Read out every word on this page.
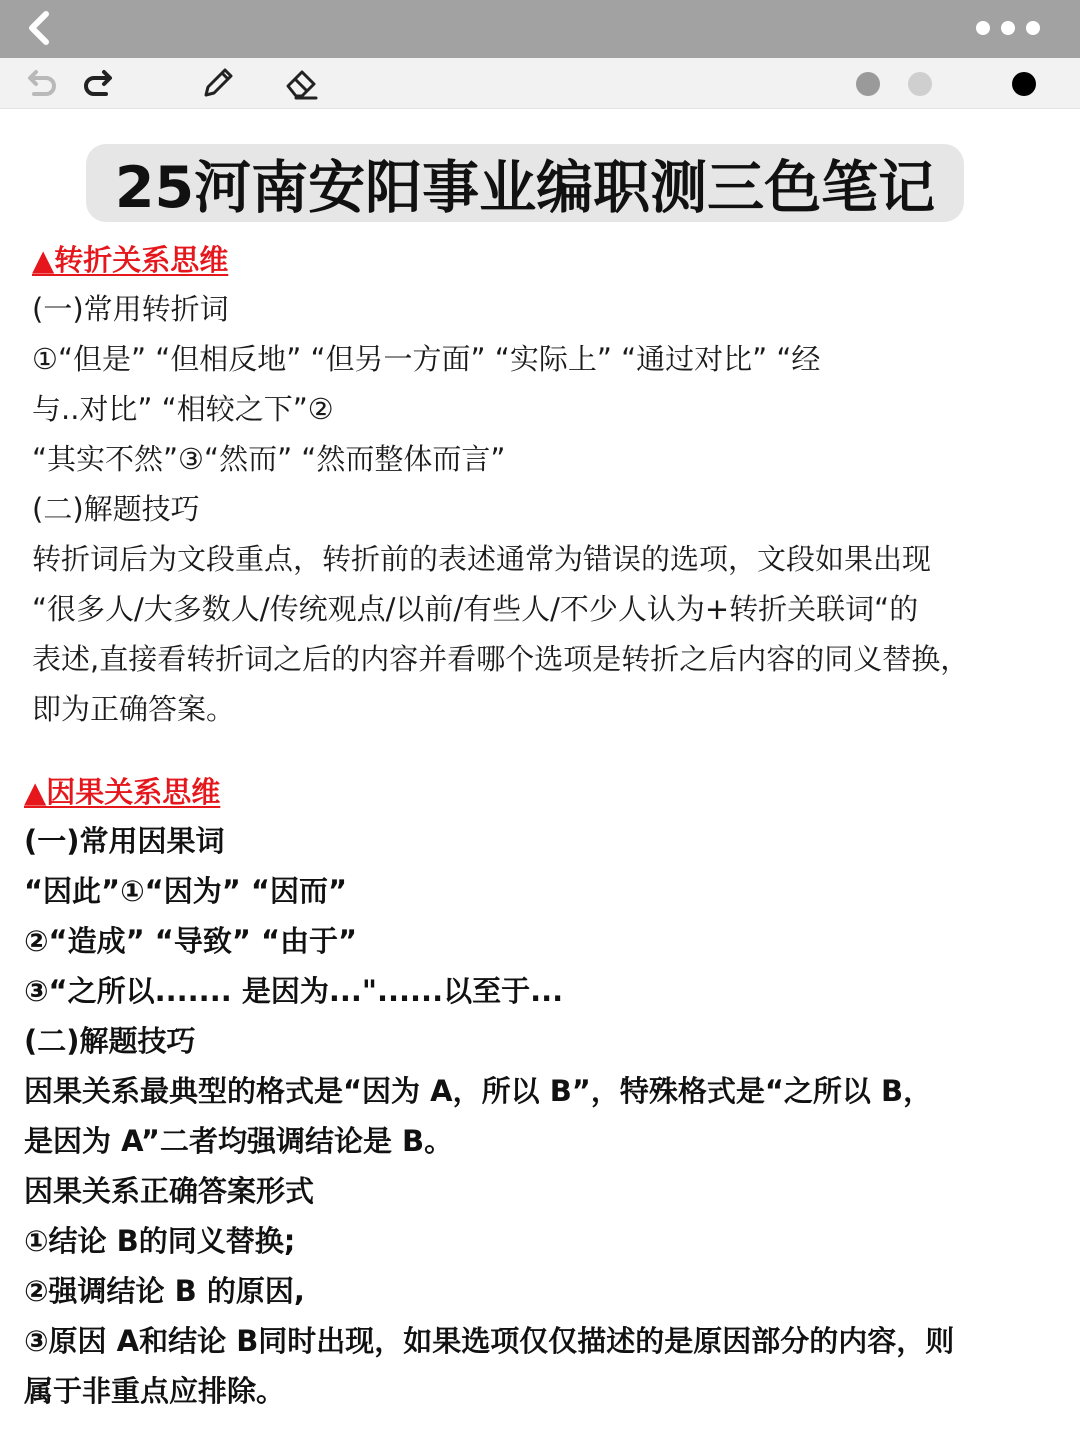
25河南安阳事业编职测三色笔记
▲转折关系思维
(一)常用转折词
①“但是” “但相反地” “但另一方面” “实际上” “通过对比” “经
与..对比” “相较之下”②
“其实不然”③“然而” “然而整体而言”
(二)解题技巧
转折词后为文段重点，转折前的表述通常为错误的选项，文段如果出现
“很多人/大多数人/传统观点/以前/有些人/不少人认为+转折关联词“的
表述,直接看转折词之后的内容并看哪个选项是转折之后内容的同义替换，
即为正确答案。
▲因果关系思维
(一)常用因果词
“因此”①“因为” “因而”
②“造成” “导致” “由于”
③“之所以....... 是因为..."......以至于...
(二)解题技巧
因果关系最典型的格式是“因为 A，所以 B”，特殊格式是“之所以 B，
是因为 A”二者均强调结论是 B。
因果关系正确答案形式
①结论 B的同义替换;
②强调结论 B 的原因,
③原因 A和结论 B同时出现，如果选项仅仅描述的是原因部分的内容，则
属于非重点应排除。
